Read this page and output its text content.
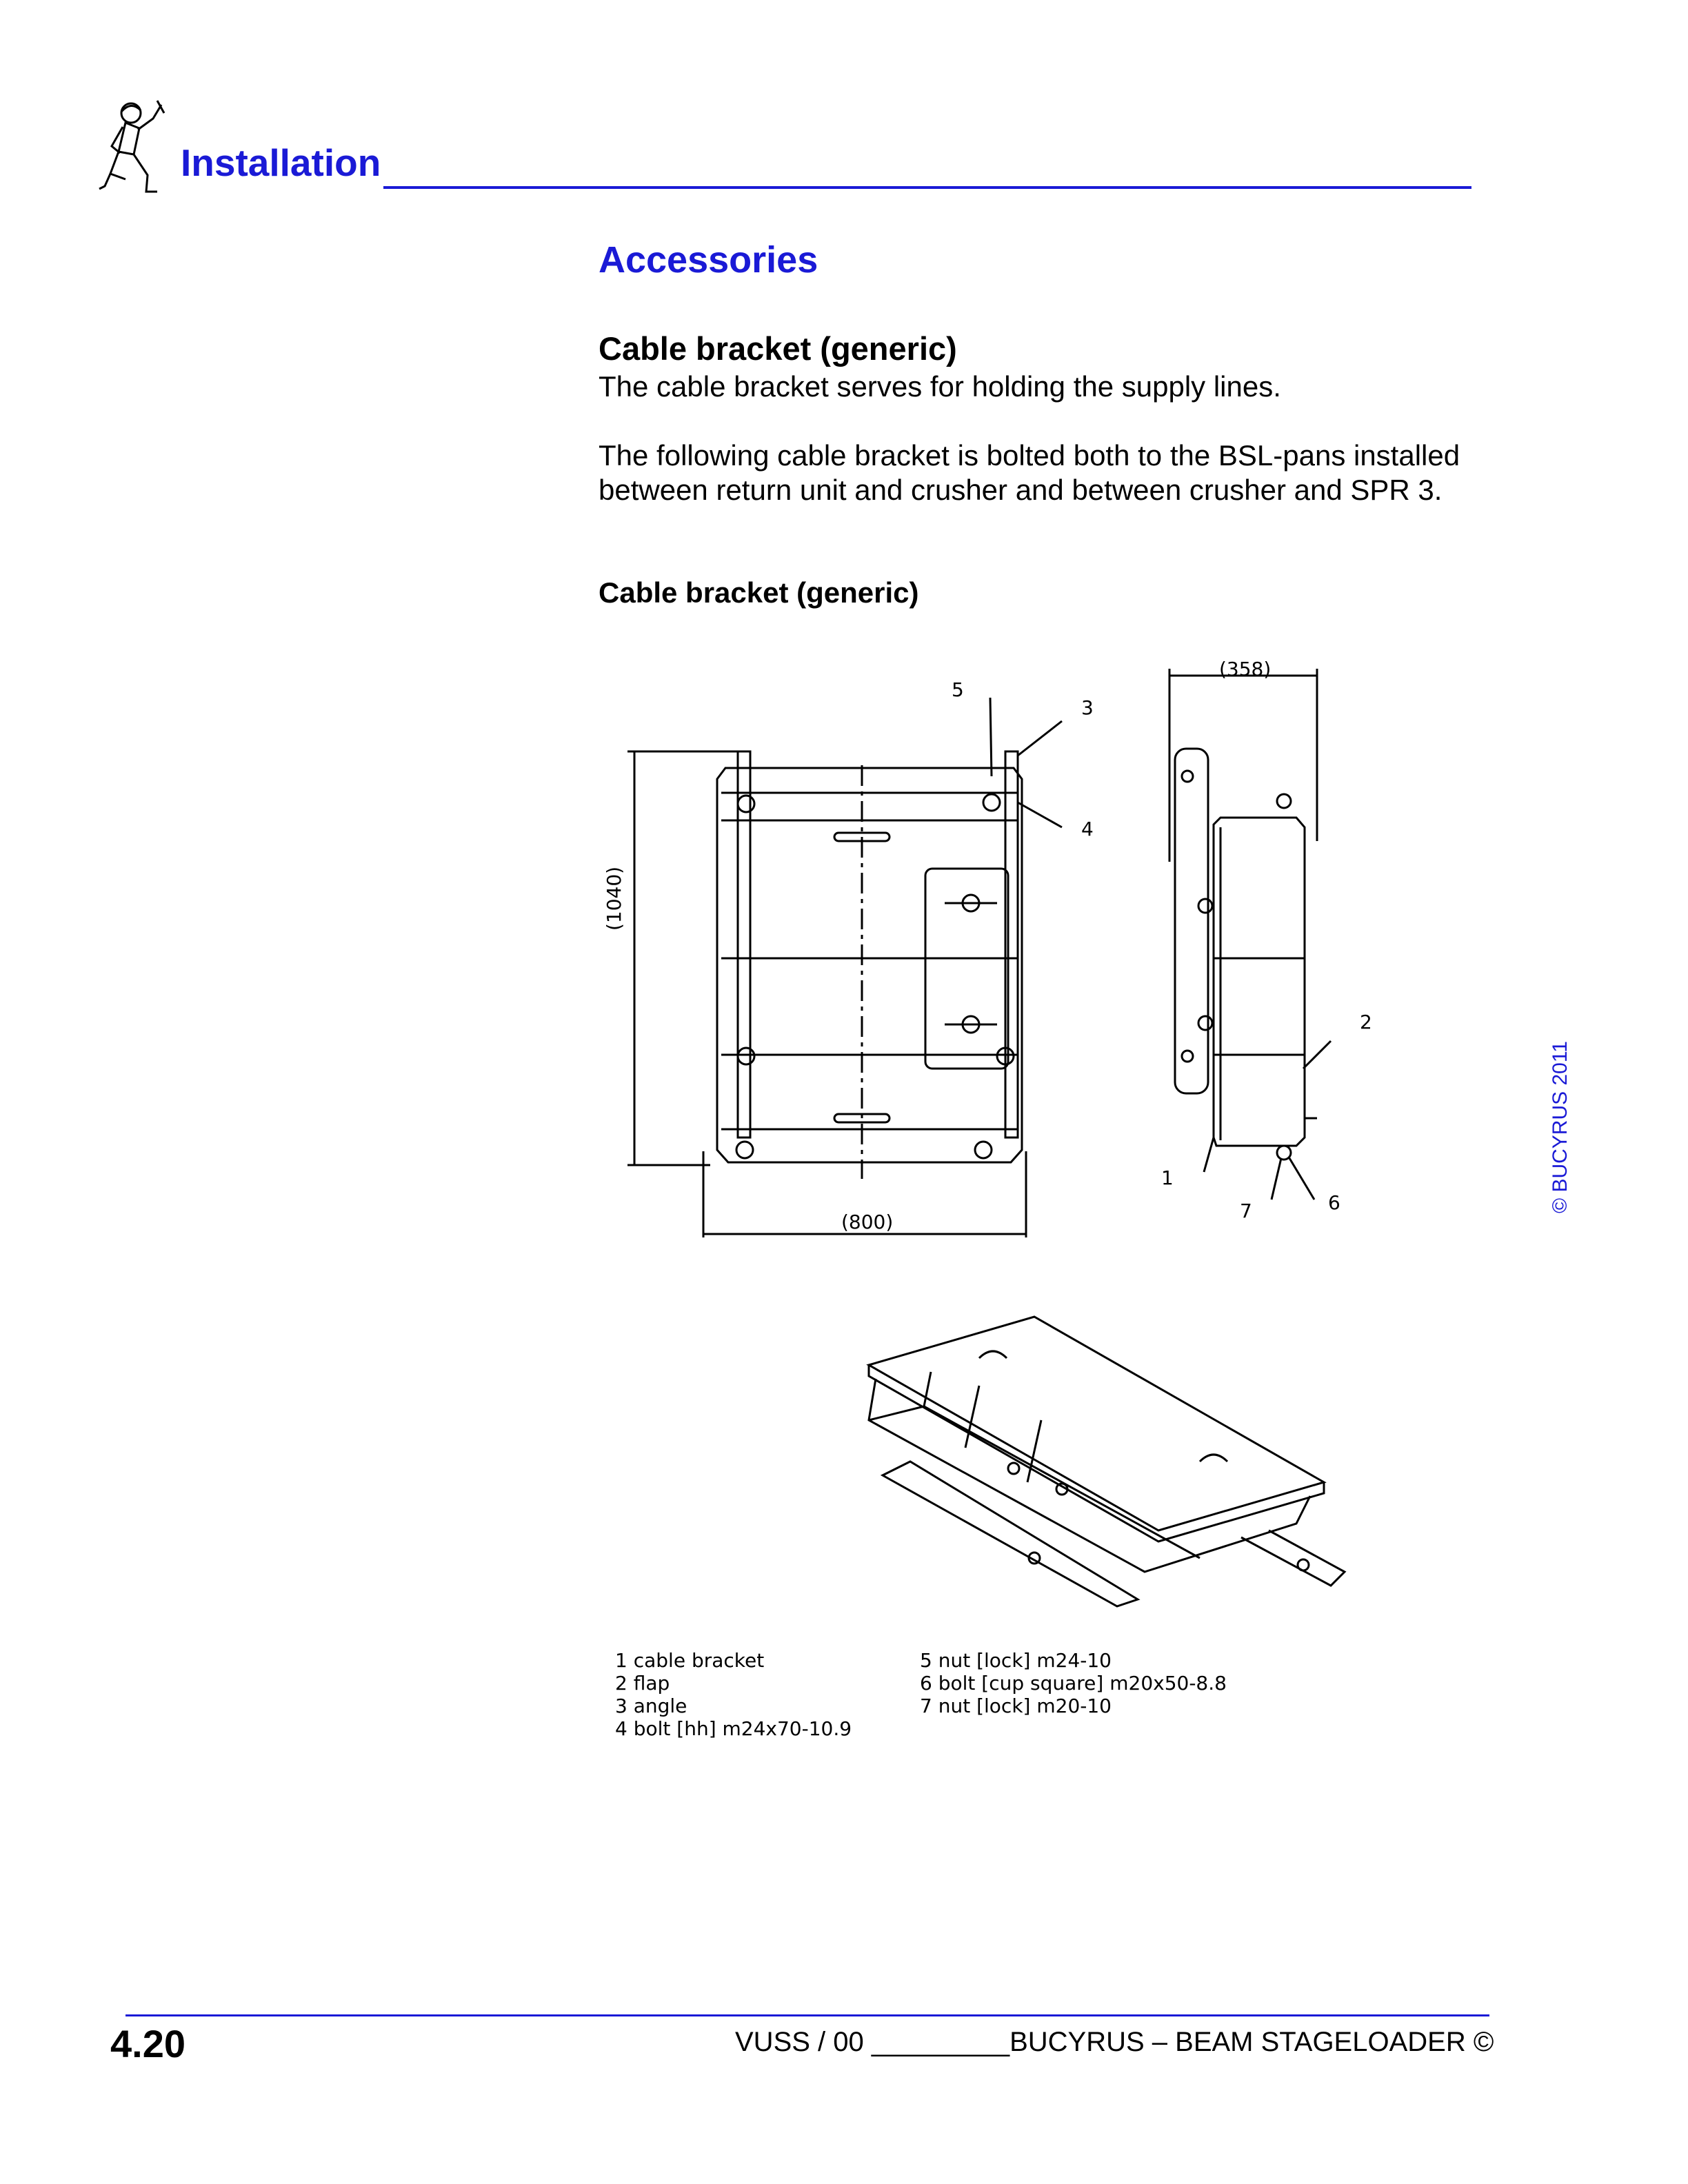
Installation
Accessories
Cable bracket (generic)
The cable bracket serves for holding the supply lines.
The following cable bracket is bolted both to the BSL-pans installed between return unit and crusher and between crusher and SPR 3.
Cable bracket (generic)
(1040)
(800)
5
(358)
3
4
1
2
6
7
1 cable bracket
2 flap
3 angle
4 bolt [hh] m24x70-10.9
5 nut [lock] m24-10
6 bolt [cup square] m20x50-8.8
7 nut [lock] m20-10
© BUCYRUS 2011
4.20	VUSS / 00 _________BUCYRUS – BEAM STAGELOADER ©
